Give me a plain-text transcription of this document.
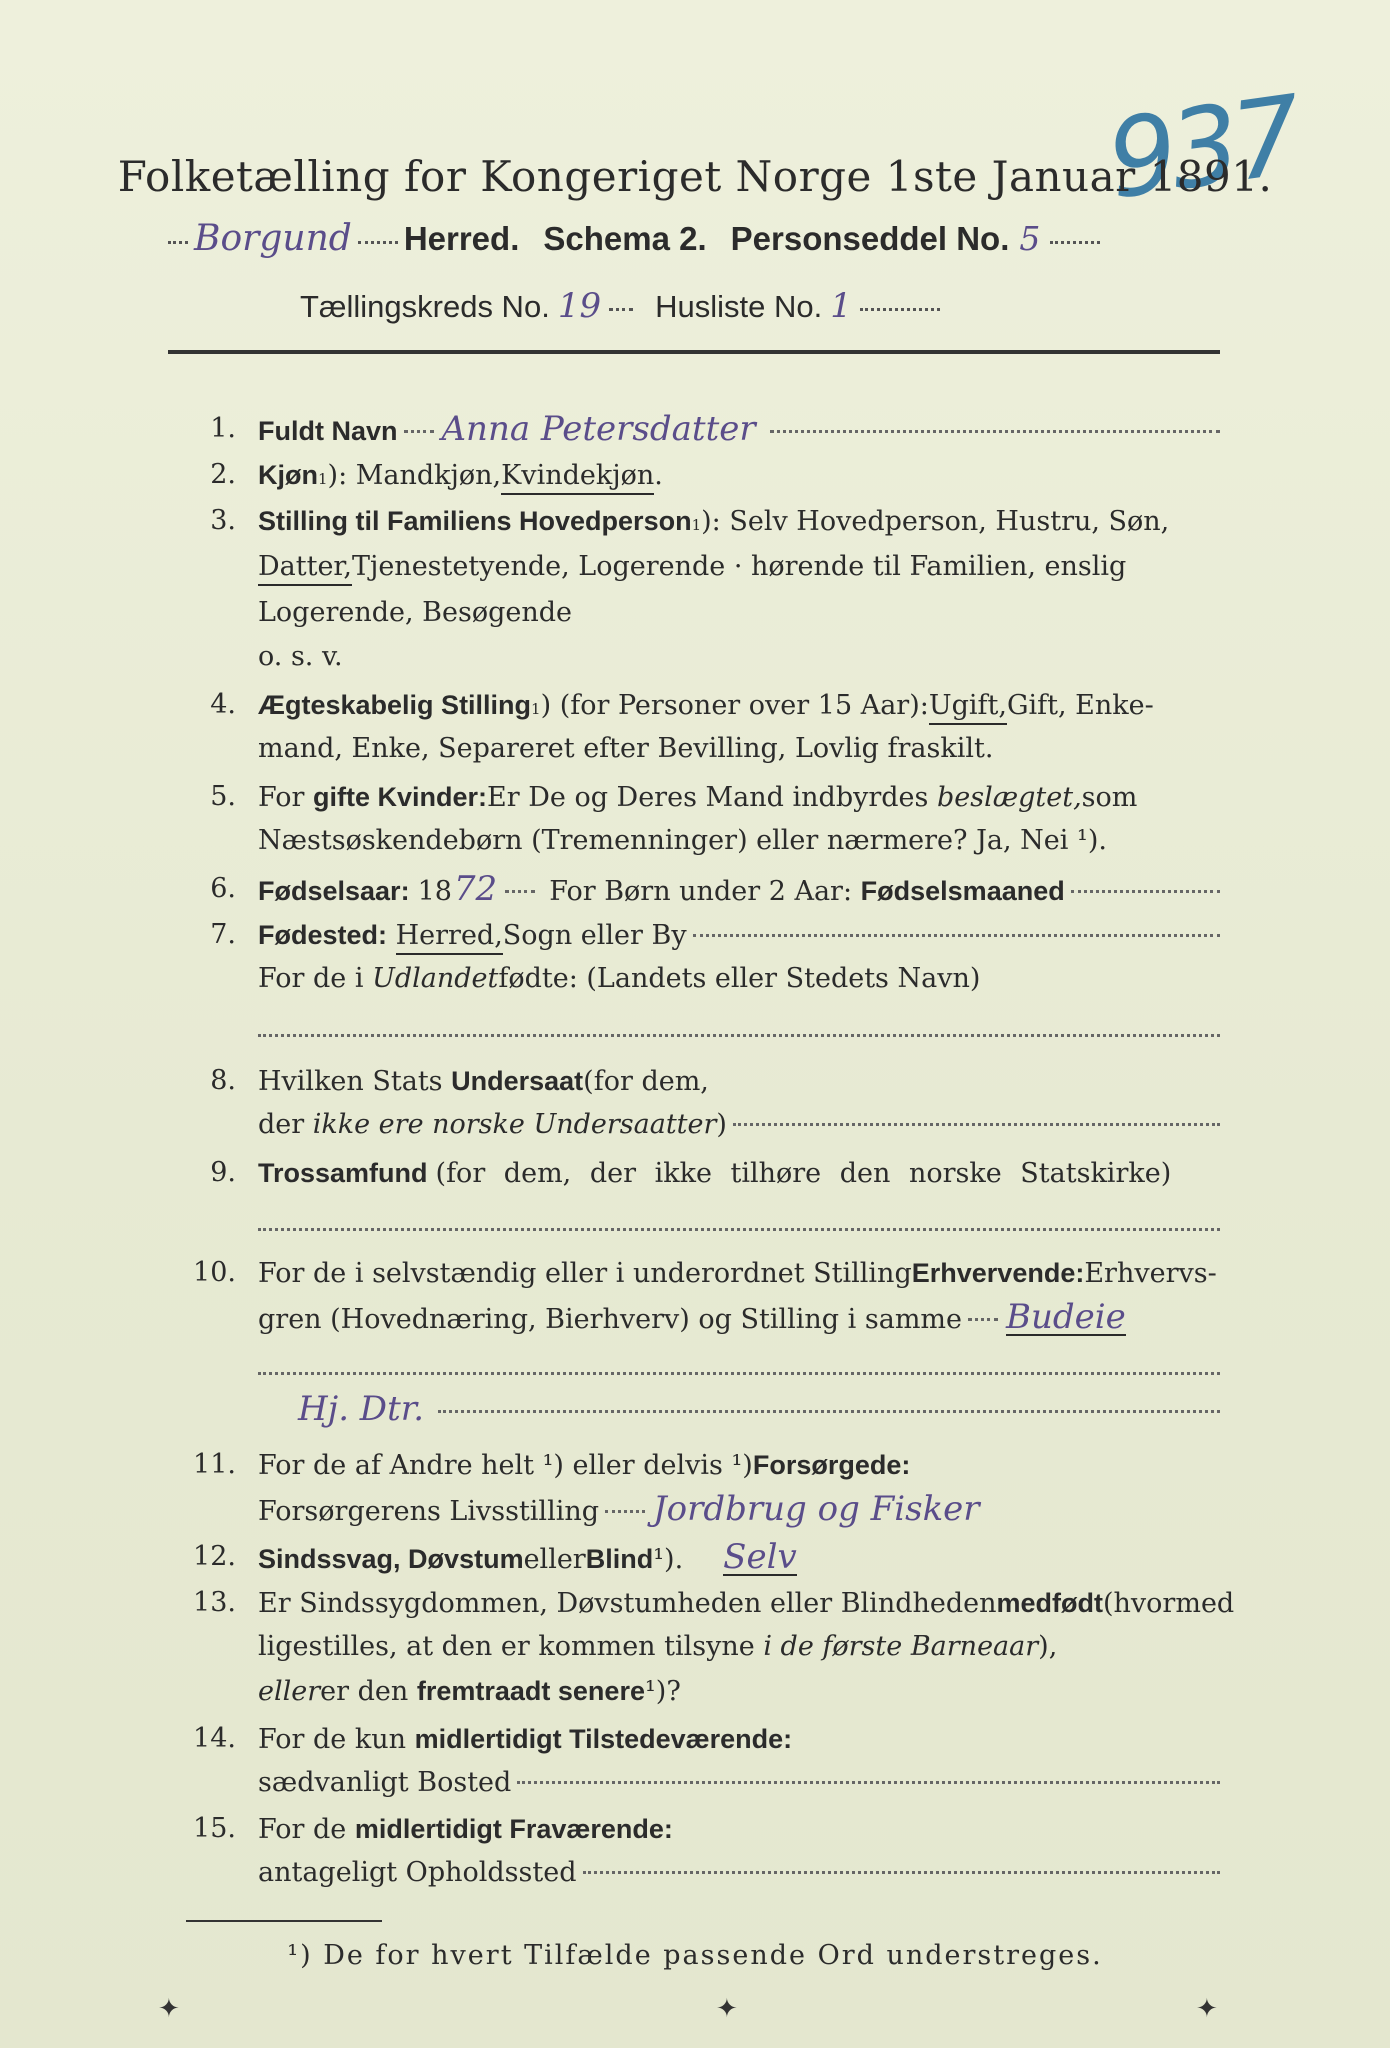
937
Folketælling for Kongeriget Norge 1ste Januar 1891.
Borgund Herred. Schema 2. Personseddel No. 5
Tællingskreds No. 19 Husliste No. 1
1. Fuldt Navn Anna Petersdatter
2. Kjøn 1 ): Mandkjøn, Kvindekjøn .
3. Stilling til Familiens Hovedperson 1 ): Selv Hovedperson, Hustru, Søn,
Datter, Tjenestetyende, Logerende · hørende til Familien, enslig
Logerende, Besøgende
o. s. v.
4. Ægteskabelig Stilling 1 ) (for Personer over 15 Aar): Ugift, Gift, Enke-
mand, Enke, Separeret efter Bevilling, Lovlig fraskilt.
5. For
gifte Kvinder: Er De og Deres Mand indbyrdes
beslægtet, som
Næstsøskendebørn (Tremenninger) eller nærmere? Ja, Nei ¹).
6. Fødselsaar: 18 72 For Børn under 2 Aar:
Fødselsmaaned
7. Fødested:
Herred, Sogn eller By
For de i
Udlandet fødte: (Landets eller Stedets Navn)
8. Hvilken Stats
Undersaat (for dem,
der
ikke ere norske Undersaatter )
9. Trossamfund (for dem, der ikke tilhøre den norske Statskirke)
10. For de i selvstændig eller i underordnet Stilling Erhvervende: Erhvervs-
gren (Hovednæring, Bierhverv) og Stilling i samme Budeie
Hj. Dtr.
11. For de af Andre helt ¹) eller delvis ¹) Forsørgede:
Forsørgerens Livsstilling Jordbrug og Fisker
12. Sindssvag, Døvstum eller Blind ¹). Selv
13. Er Sindssygdommen, Døvstumheden eller Blindheden medfødt (hvormed
ligestilles, at den er kommen tilsyne
i de første Barneaar ),
eller er den
fremtraadt senere ¹)?
14. For de kun
midlertidigt Tilstedeværende:
sædvanligt Bosted
15. For de
midlertidigt Fraværende:
antageligt Opholdssted
¹) De for hvert Tilfælde passende Ord understreges.
✦	✦	✦
